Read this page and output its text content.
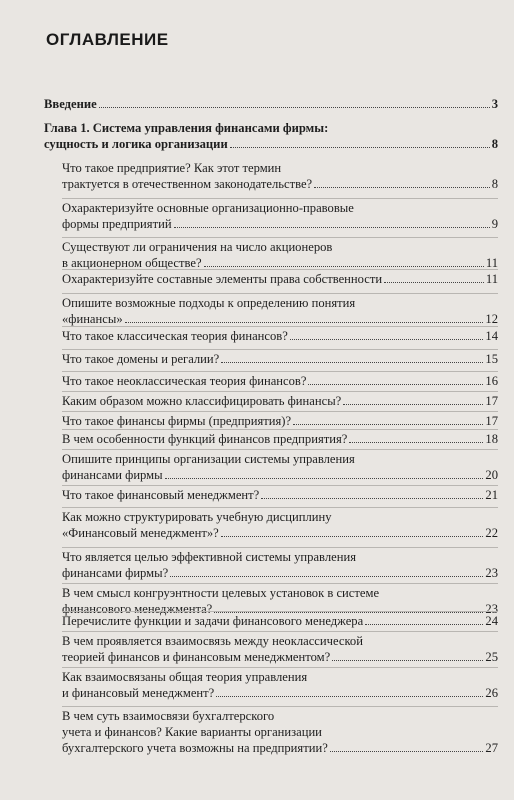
ОГЛАВЛЕНИЕ
Введение	3
Глава 1. Система управления финансами фирмы:
сущность и логика организации	8
Что такое предприятие? Как этот термин
трактуется в отечественном законодательстве?	8
Охарактеризуйте основные организационно-правовые
формы предприятий	9
Существуют ли ограничения на число акционеров
в акционерном обществе?	11
Охарактеризуйте составные элементы права собственности	11
Опишите возможные подходы к определению понятия
«финансы»	12
Что такое классическая теория финансов?	14
Что такое домены и регалии?	15
Что такое неоклассическая теория финансов?	16
Каким образом можно классифицировать финансы?	17
Что такое финансы фирмы (предприятия)?	17
В чем особенности функций финансов предприятия?	18
Опишите принципы организации системы управления
финансами фирмы	20
Что такое финансовый менеджмент?	21
Как можно структурировать учебную дисциплину
«Финансовый менеджмент»?	22
Что является целью эффективной системы управления
финансами фирмы?	23
В чем смысл конгруэнтности целевых установок в системе
финансового менеджмента?	23
Перечислите функции и задачи финансового менеджера	24
В чем проявляется взаимосвязь между неоклассической
теорией финансов и финансовым менеджментом?	25
Как взаимосвязаны общая теория управления
и финансовый менеджмент?	26
В чем суть взаимосвязи бухгалтерского
учета и финансов? Какие варианты организации
бухгалтерского учета возможны на предприятии?	27
